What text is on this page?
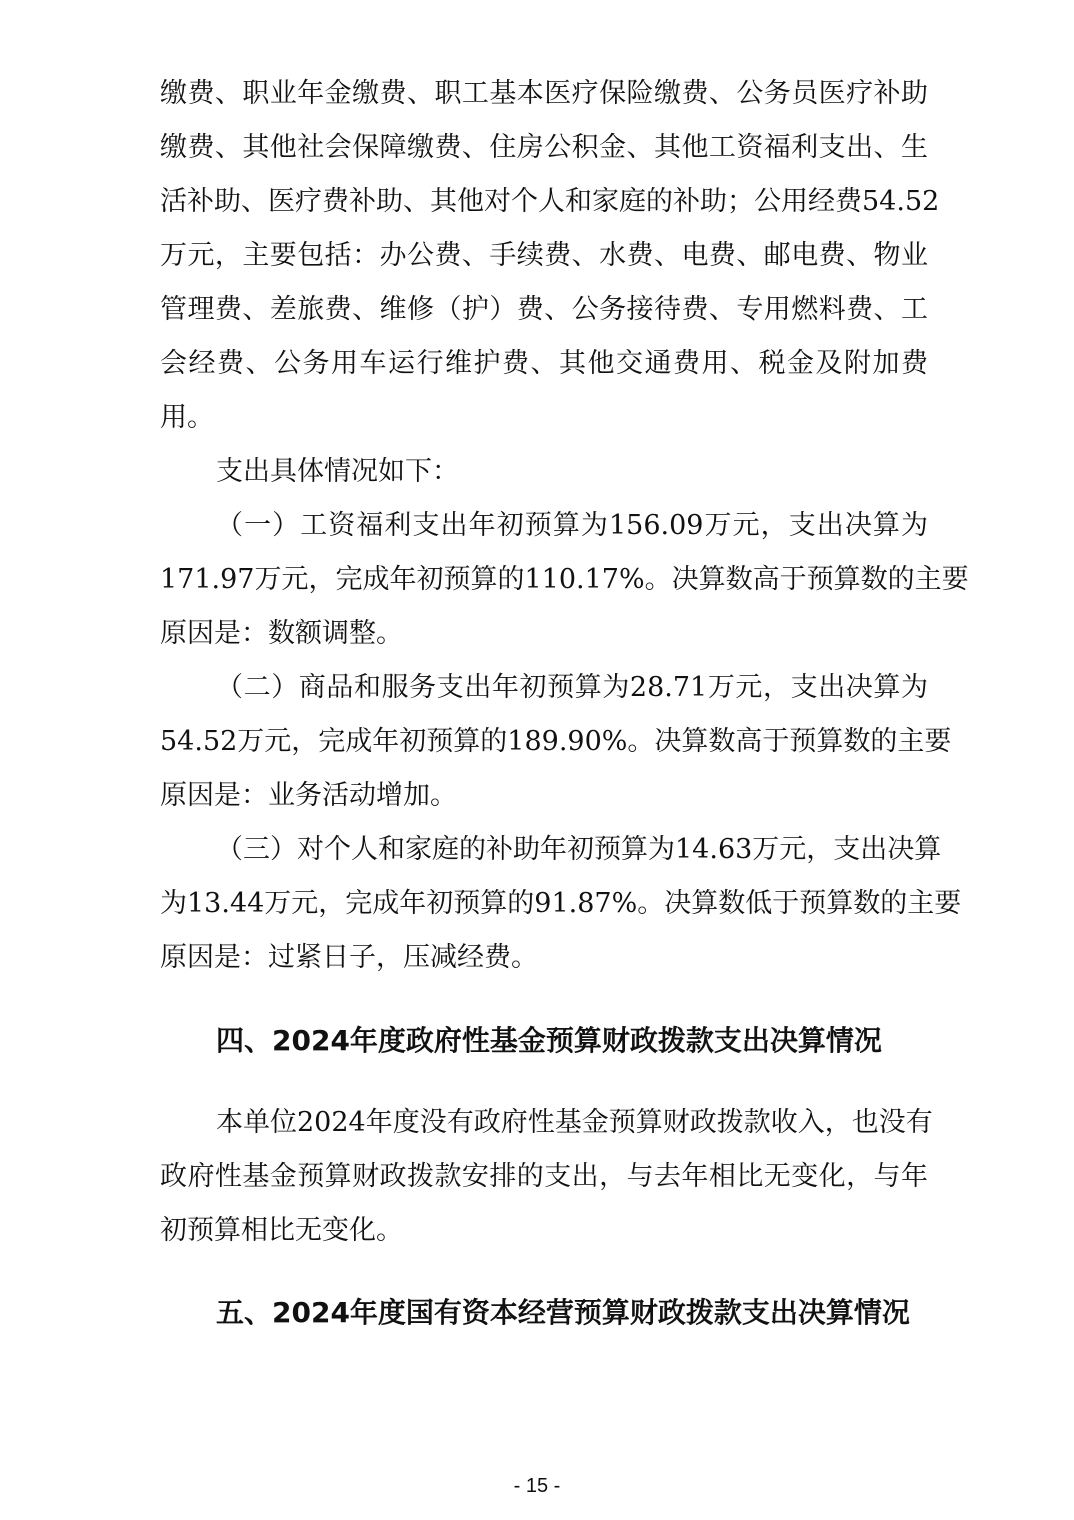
缴费、职业年金缴费、职工基本医疗保险缴费、公务员医疗补助
缴费、其他社会保障缴费、住房公积金、其他工资福利支出、生
活补助、医疗费补助、其他对个人和家庭的补助；公用经费54.52
万元，主要包括：办公费、手续费、水费、电费、邮电费、物业
管理费、差旅费、维修（护）费、公务接待费、专用燃料费、工
会经费、公务用车运行维护费、其他交通费用、税金及附加费
用。
支出具体情况如下：
（一）工资福利支出年初预算为156.09万元，支出决算为
171.97万元，完成年初预算的110.17%。决算数高于预算数的主要
原因是：数额调整。
（二）商品和服务支出年初预算为28.71万元，支出决算为
54.52万元，完成年初预算的189.90%。决算数高于预算数的主要
原因是：业务活动增加。
（三）对个人和家庭的补助年初预算为14.63万元，支出决算
为13.44万元，完成年初预算的91.87%。决算数低于预算数的主要
原因是：过紧日子，压减经费。
四、2024年度政府性基金预算财政拨款支出决算情况
本单位2024年度没有政府性基金预算财政拨款收入，也没有
政府性基金预算财政拨款安排的支出，与去年相比无变化，与年
初预算相比无变化。
五、2024年度国有资本经营预算财政拨款支出决算情况
- 15 -
